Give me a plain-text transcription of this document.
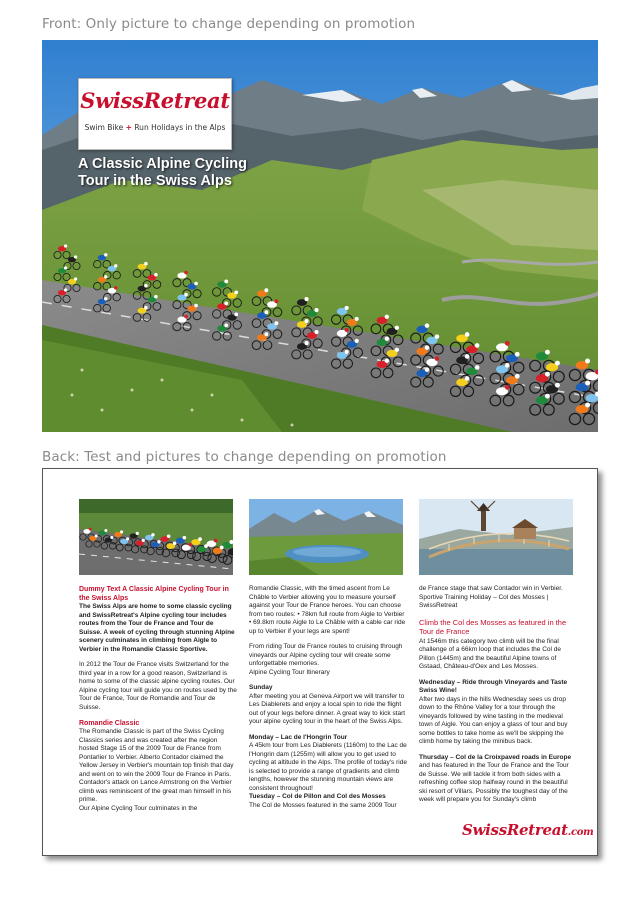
Front: Only picture to change depending on promotion
SwissRetreat
Swim Bike + Run Holidays in the Alps
A Classic Alpine Cycling
Tour in the Swiss Alps
Back: Test and pictures to change depending on promotion
Dummy Text A Classic Alpine Cycling Tour in the Swiss Alps

The Swiss Alps are home to some classic cycling and SwissRetreat's Alpine cycling tour includes routes from the Tour de France and Tour de Suisse. A week of cycling through stunning Alpine scenery culminates in climbing from Aigle to Verbier in the Romandie Classic Sportive.

In 2012 the Tour de France visits Switzerland for the third year in a row for a good reason, Switzerland is home to some of the classic alpine cycling routes. Our Alpine cycling tour will guide you on routes used by the Tour de France, Tour de Romandie and Tour de Suisse.

Romandie Classic

The Romandie Classic is part of the Swiss Cycling Classics series and was created after the region hosted Stage 15 of the 2009 Tour de France from Pontarlier to Verbier. Alberto Contador claimed the Yellow Jersey in Verbier's mountain top finish that day and went on to win the 2009 Tour de France in Paris. Contador's attack on Lance Armstrong on the Verbier climb was reminiscent of the great man himself in his prime.

Our Alpine Cycling Tour culminates in the

Romandie Classic, with the timed ascent from Le Châble to Verbier allowing you to measure yourself against your Tour de France heroes. You can choose from two routes: • 78km full route from Aigle to Verbier • 69.8km route Aigle to Le Châble with a cable car ride up to Verbier if your legs are spent!

From riding Tour de France routes to cruising through vineyards our Alpine cycling tour will create some unforgettable memories.

Alpine Cycling Tour Itinerary

Sunday

After meeting you at Geneva Airport we will transfer to Les Diablerets and enjoy a local spin to ride the flight out of your legs before dinner. A great way to kick start your alpine cycling tour in the heart of the Swiss Alps.

Monday – Lac de l'Hongrin Tour

A 45km tour from Les Diablerets (1160m) to the Lac de l'Hongrin dam (1255m) will allow you to get used to cycling at altitude in the Alps. The profile of today's ride is selected to provide a range of gradients and climb lengths, however the stunning mountain views are consistent throughout!

Tuesday – Col de Pillon and Col des Mosses

The Col de Mosses featured in the same 2009 Tour

de France stage that saw Contador win in Verbier. Sportive Training Holiday – Col des Mosses | SwissRetreat

Climb the Col des Mosses as featured in the Tour de France

At 1546m this category two climb will be the final challenge of a 66km loop that includes the Col de Pillon (1445m) and the beautiful Alpine towns of Gstaad, Château-d'Oex and Les Mosses.

Wednesday – Ride through Vineyards and Taste Swiss Wine!

After two days in the hills Wednesday sees us drop down to the Rhône Valley for a tour through the vineyards followed by wine tasting in the medieval town of Aigle. You can enjoy a glass of tour and buy some bottles to take home as we'll be skipping the climb home by taking the minibus back.

Thursday – Col de la Croixpaved roads in Europe

and has featured in the Tour de France and the Tour de Suisse. We will tackle it from both sides with a refreshing coffee stop halfway round in the beautiful ski resort of Villars. Possibly the toughest day of the week will prepare you for Sunday's climb

SwissRetreat.com
